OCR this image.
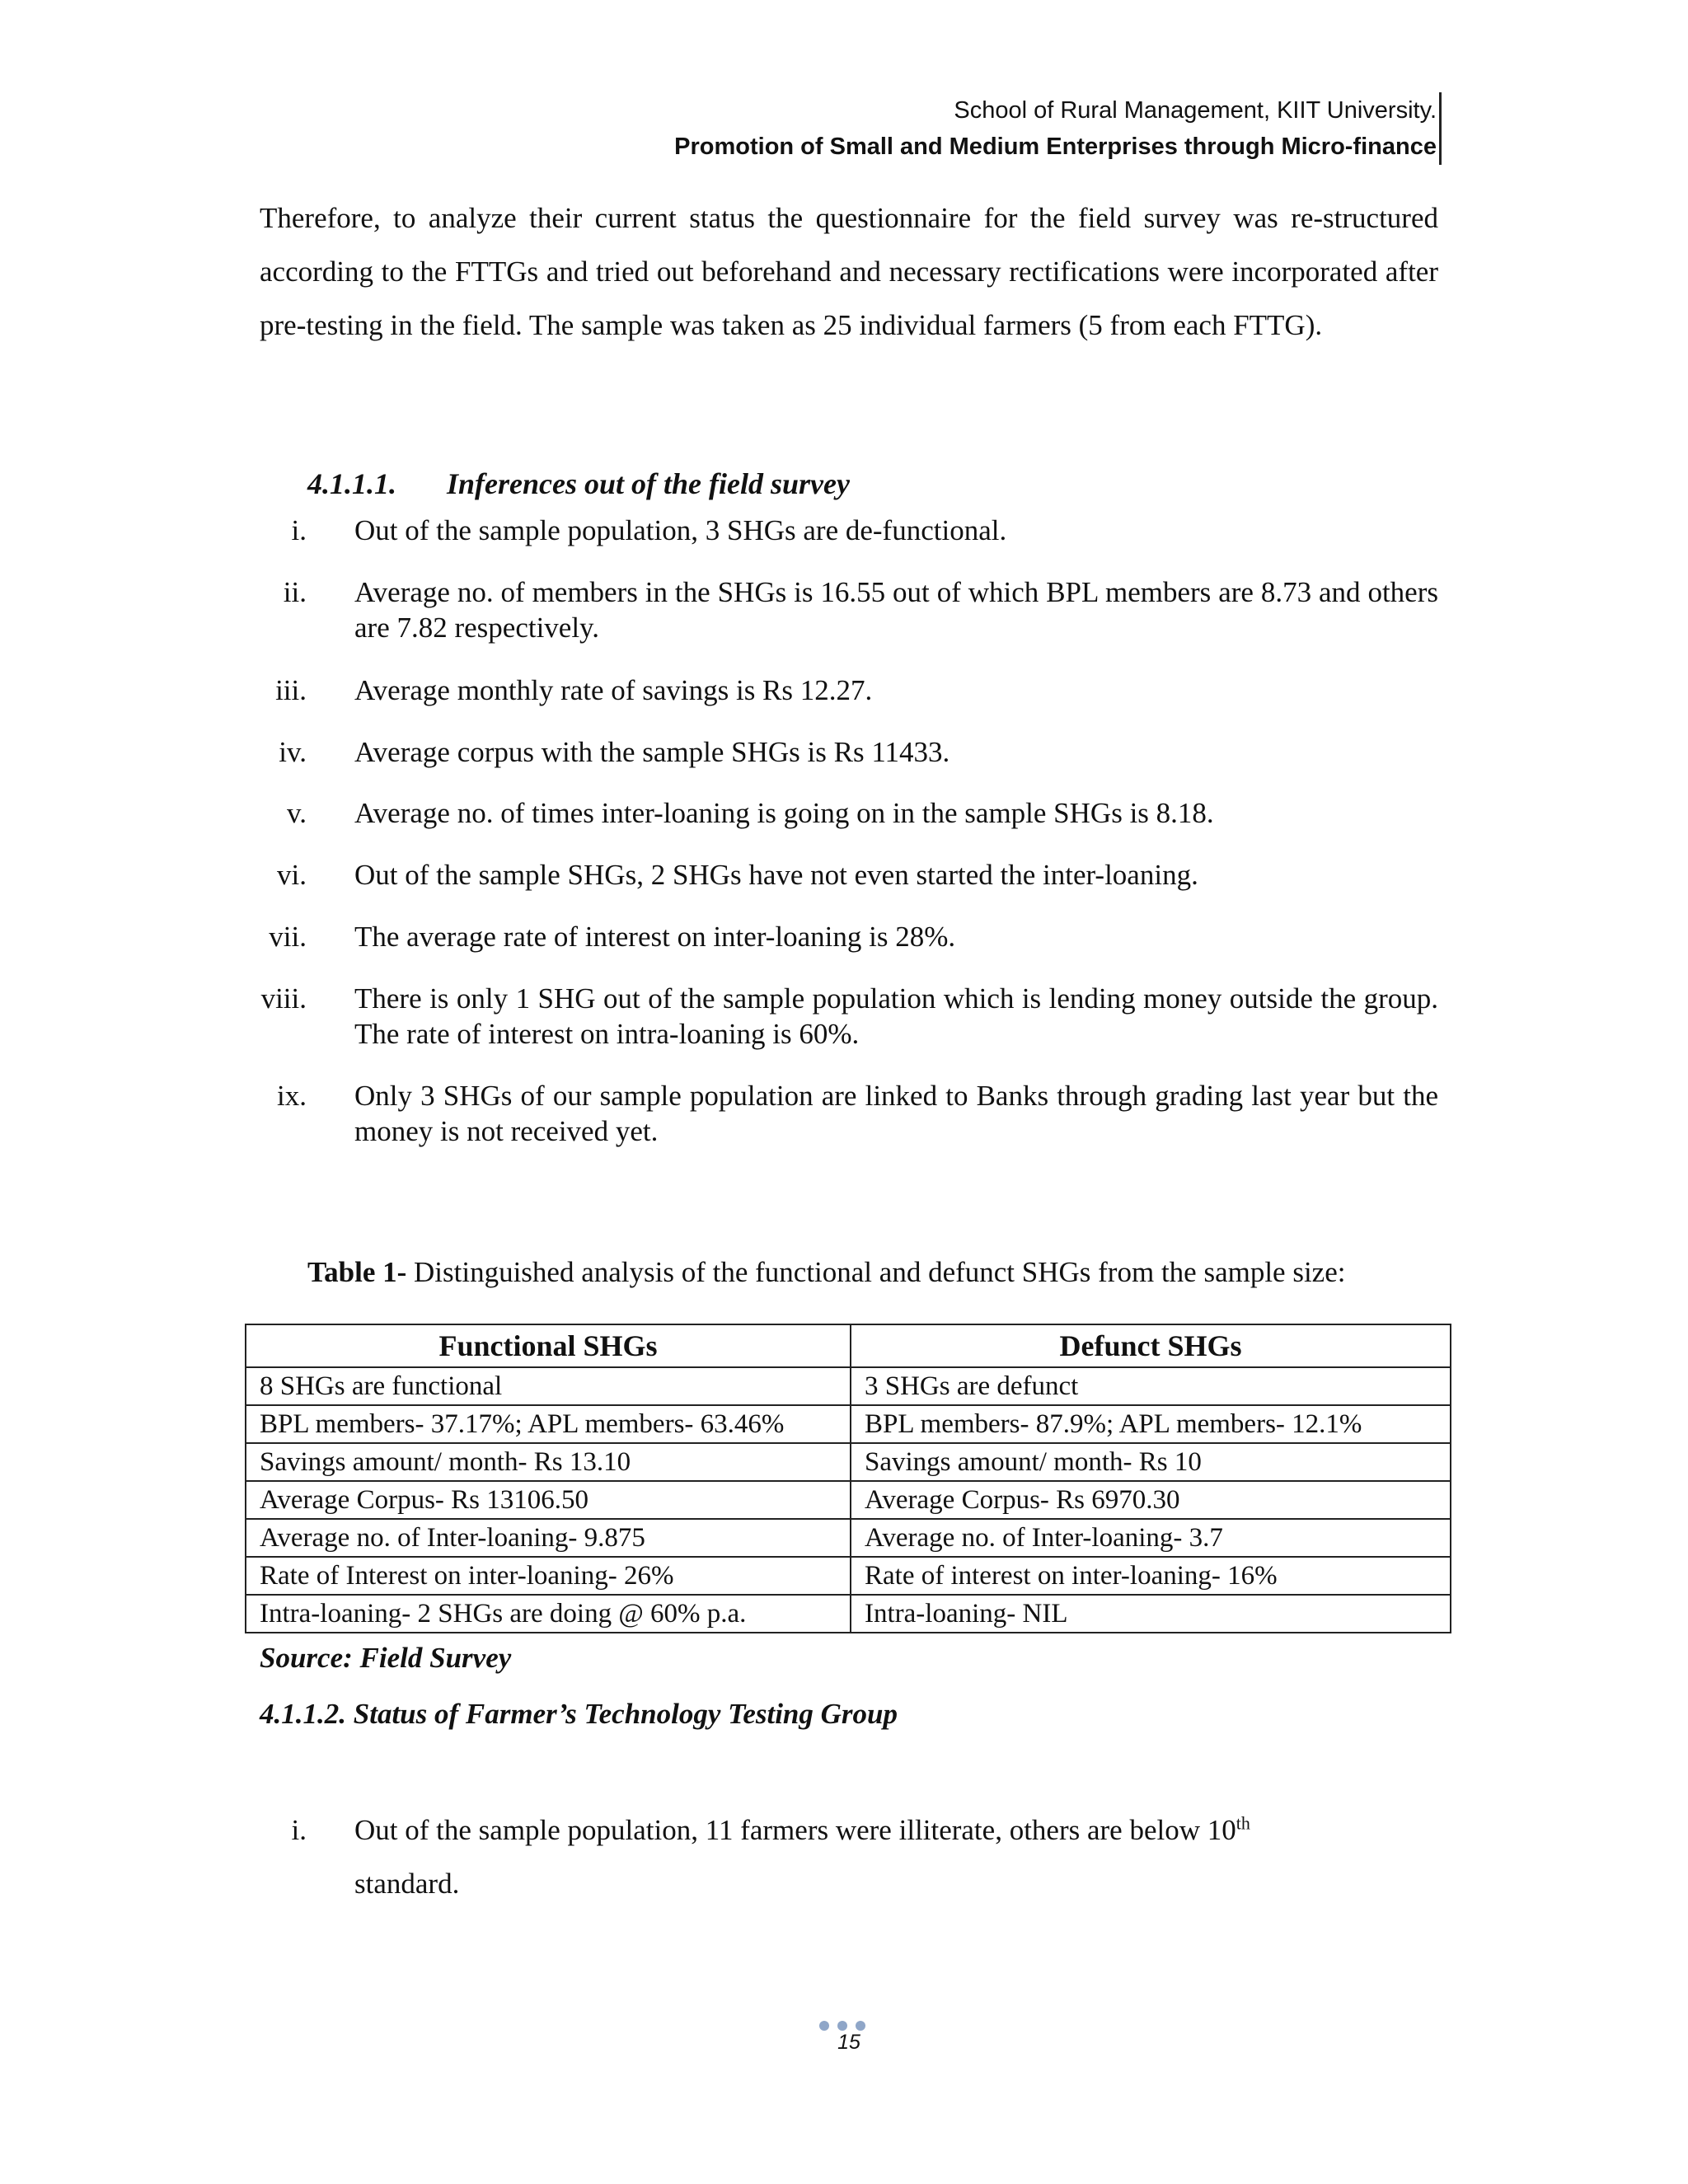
School of Rural Management, KIIT University.
Promotion of Small and Medium Enterprises through Micro-finance
Therefore, to analyze their current status the questionnaire for the field survey was re-structured according to the FTTGs and tried out beforehand and necessary rectifications were incorporated after pre-testing in the field. The sample was taken as 25 individual farmers (5 from each FTTG).
4.1.1.1. Inferences out of the field survey
i. Out of the sample population, 3 SHGs are de-functional.
ii. Average no. of members in the SHGs is 16.55 out of which BPL members are 8.73 and others are 7.82 respectively.
iii. Average monthly rate of savings is Rs 12.27.
iv. Average corpus with the sample SHGs is Rs 11433.
v. Average no. of times inter-loaning is going on in the sample SHGs is 8.18.
vi. Out of the sample SHGs, 2 SHGs have not even started the inter-loaning.
vii. The average rate of interest on inter-loaning is 28%.
viii. There is only 1 SHG out of the sample population which is lending money outside the group. The rate of interest on intra-loaning is 60%.
ix. Only 3 SHGs of our sample population are linked to Banks through grading last year but the money is not received yet.
Table 1- Distinguished analysis of the functional and defunct SHGs from the sample size:
Functional SHGs	Defunct SHGs
8 SHGs are functional	3 SHGs are defunct
BPL members- 37.17%; APL members- 63.46%	BPL members- 87.9%; APL members- 12.1%
Savings amount/ month- Rs 13.10	Savings amount/ month- Rs 10
Average Corpus- Rs 13106.50	Average Corpus- Rs 6970.30
Average no. of Inter-loaning- 9.875	Average no. of Inter-loaning- 3.7
Rate of Interest on inter-loaning- 26%	Rate of interest on inter-loaning- 16%
Intra-loaning- 2 SHGs are doing @ 60% p.a.	Intra-loaning- NIL
Source: Field Survey
4.1.1.2. Status of Farmer’s Technology Testing Group
i. Out of the sample population, 11 farmers were illiterate, others are below 10th
standard.
15
